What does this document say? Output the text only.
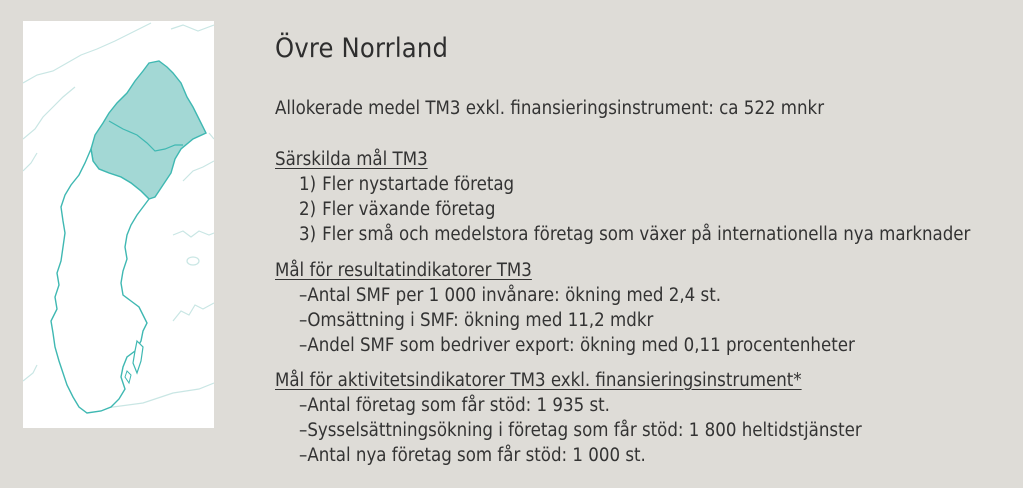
Övre Norrland
Allokerade medel TM3 exkl. finansieringsinstrument: ca 522 mnkr
Särskilda mål TM3
1) Fler nystartade företag
2) Fler växande företag
3) Fler små och medelstora företag som växer på internationella nya marknader
Mål för resultatindikatorer TM3
–Antal SMF per 1 000 invånare: ökning med 2,4 st.
–Omsättning i SMF: ökning med 11,2 mdkr
–Andel SMF som bedriver export: ökning med 0,11 procentenheter
Mål för aktivitetsindikatorer TM3 exkl. finansieringsinstrument*
–Antal företag som får stöd: 1 935 st.
–Sysselsättningsökning i företag som får stöd: 1 800 heltidstjänster
–Antal nya företag som får stöd: 1 000 st.
